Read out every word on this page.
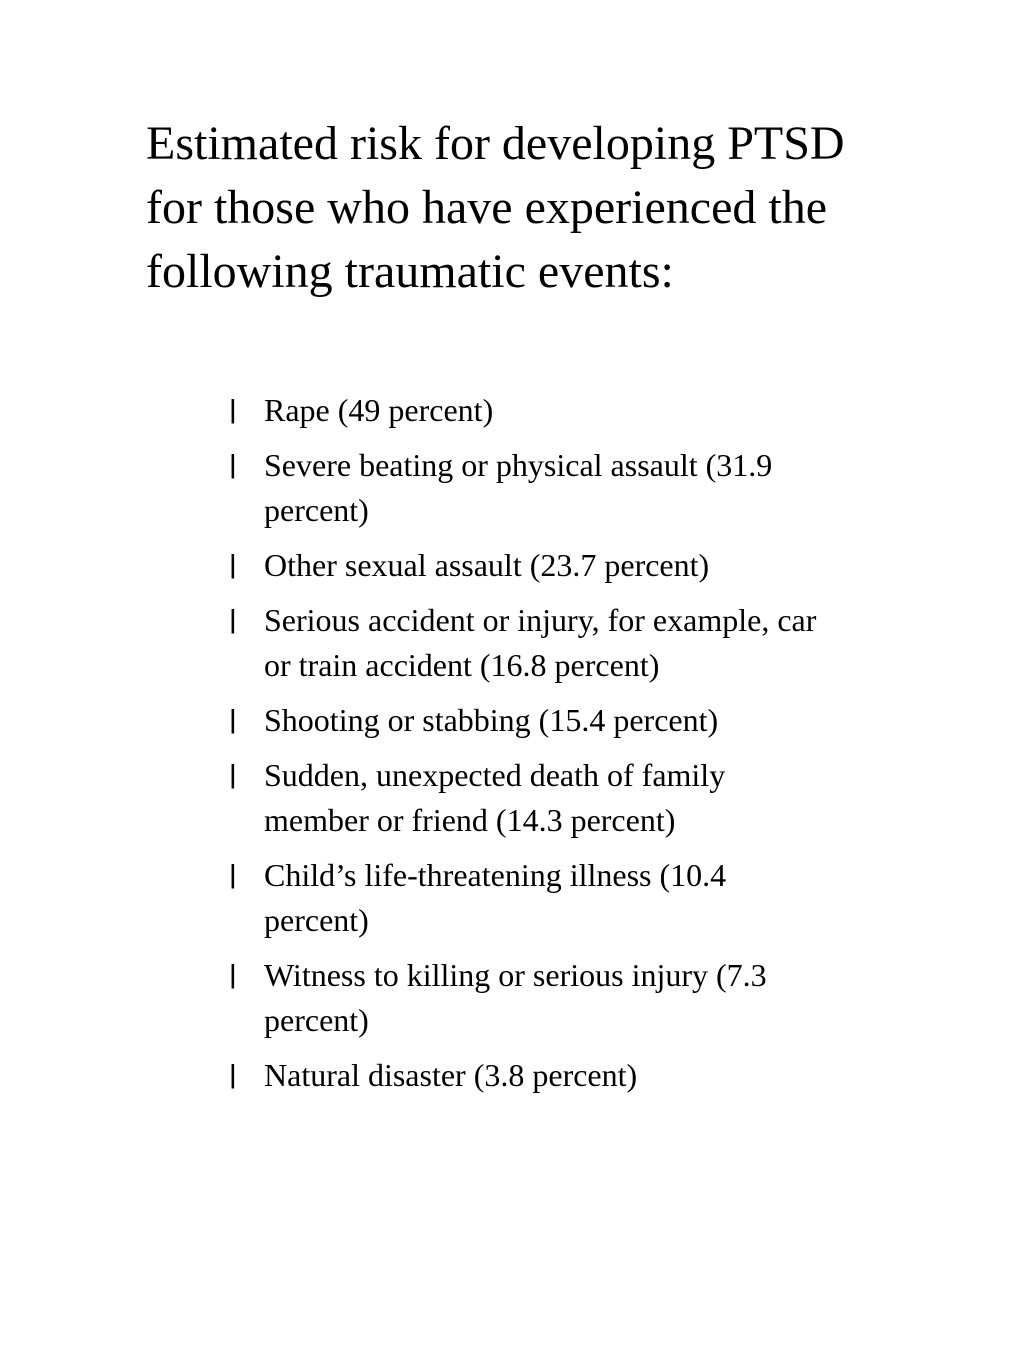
Estimated risk for developing PTSD
for those who have experienced the
following traumatic events:
ǀ Rape (49 percent)
ǀ Severe beating or physical assault (31.9
percent)
ǀ Other sexual assault (23.7 percent)
ǀ Serious accident or injury, for example, car
or train accident (16.8 percent)
ǀ Shooting or stabbing (15.4 percent)
ǀ Sudden, unexpected death of family
member or friend (14.3 percent)
ǀ Child’s life-threatening illness (10.4
percent)
ǀ Witness to killing or serious injury (7.3
percent)
ǀ Natural disaster (3.8 percent)
